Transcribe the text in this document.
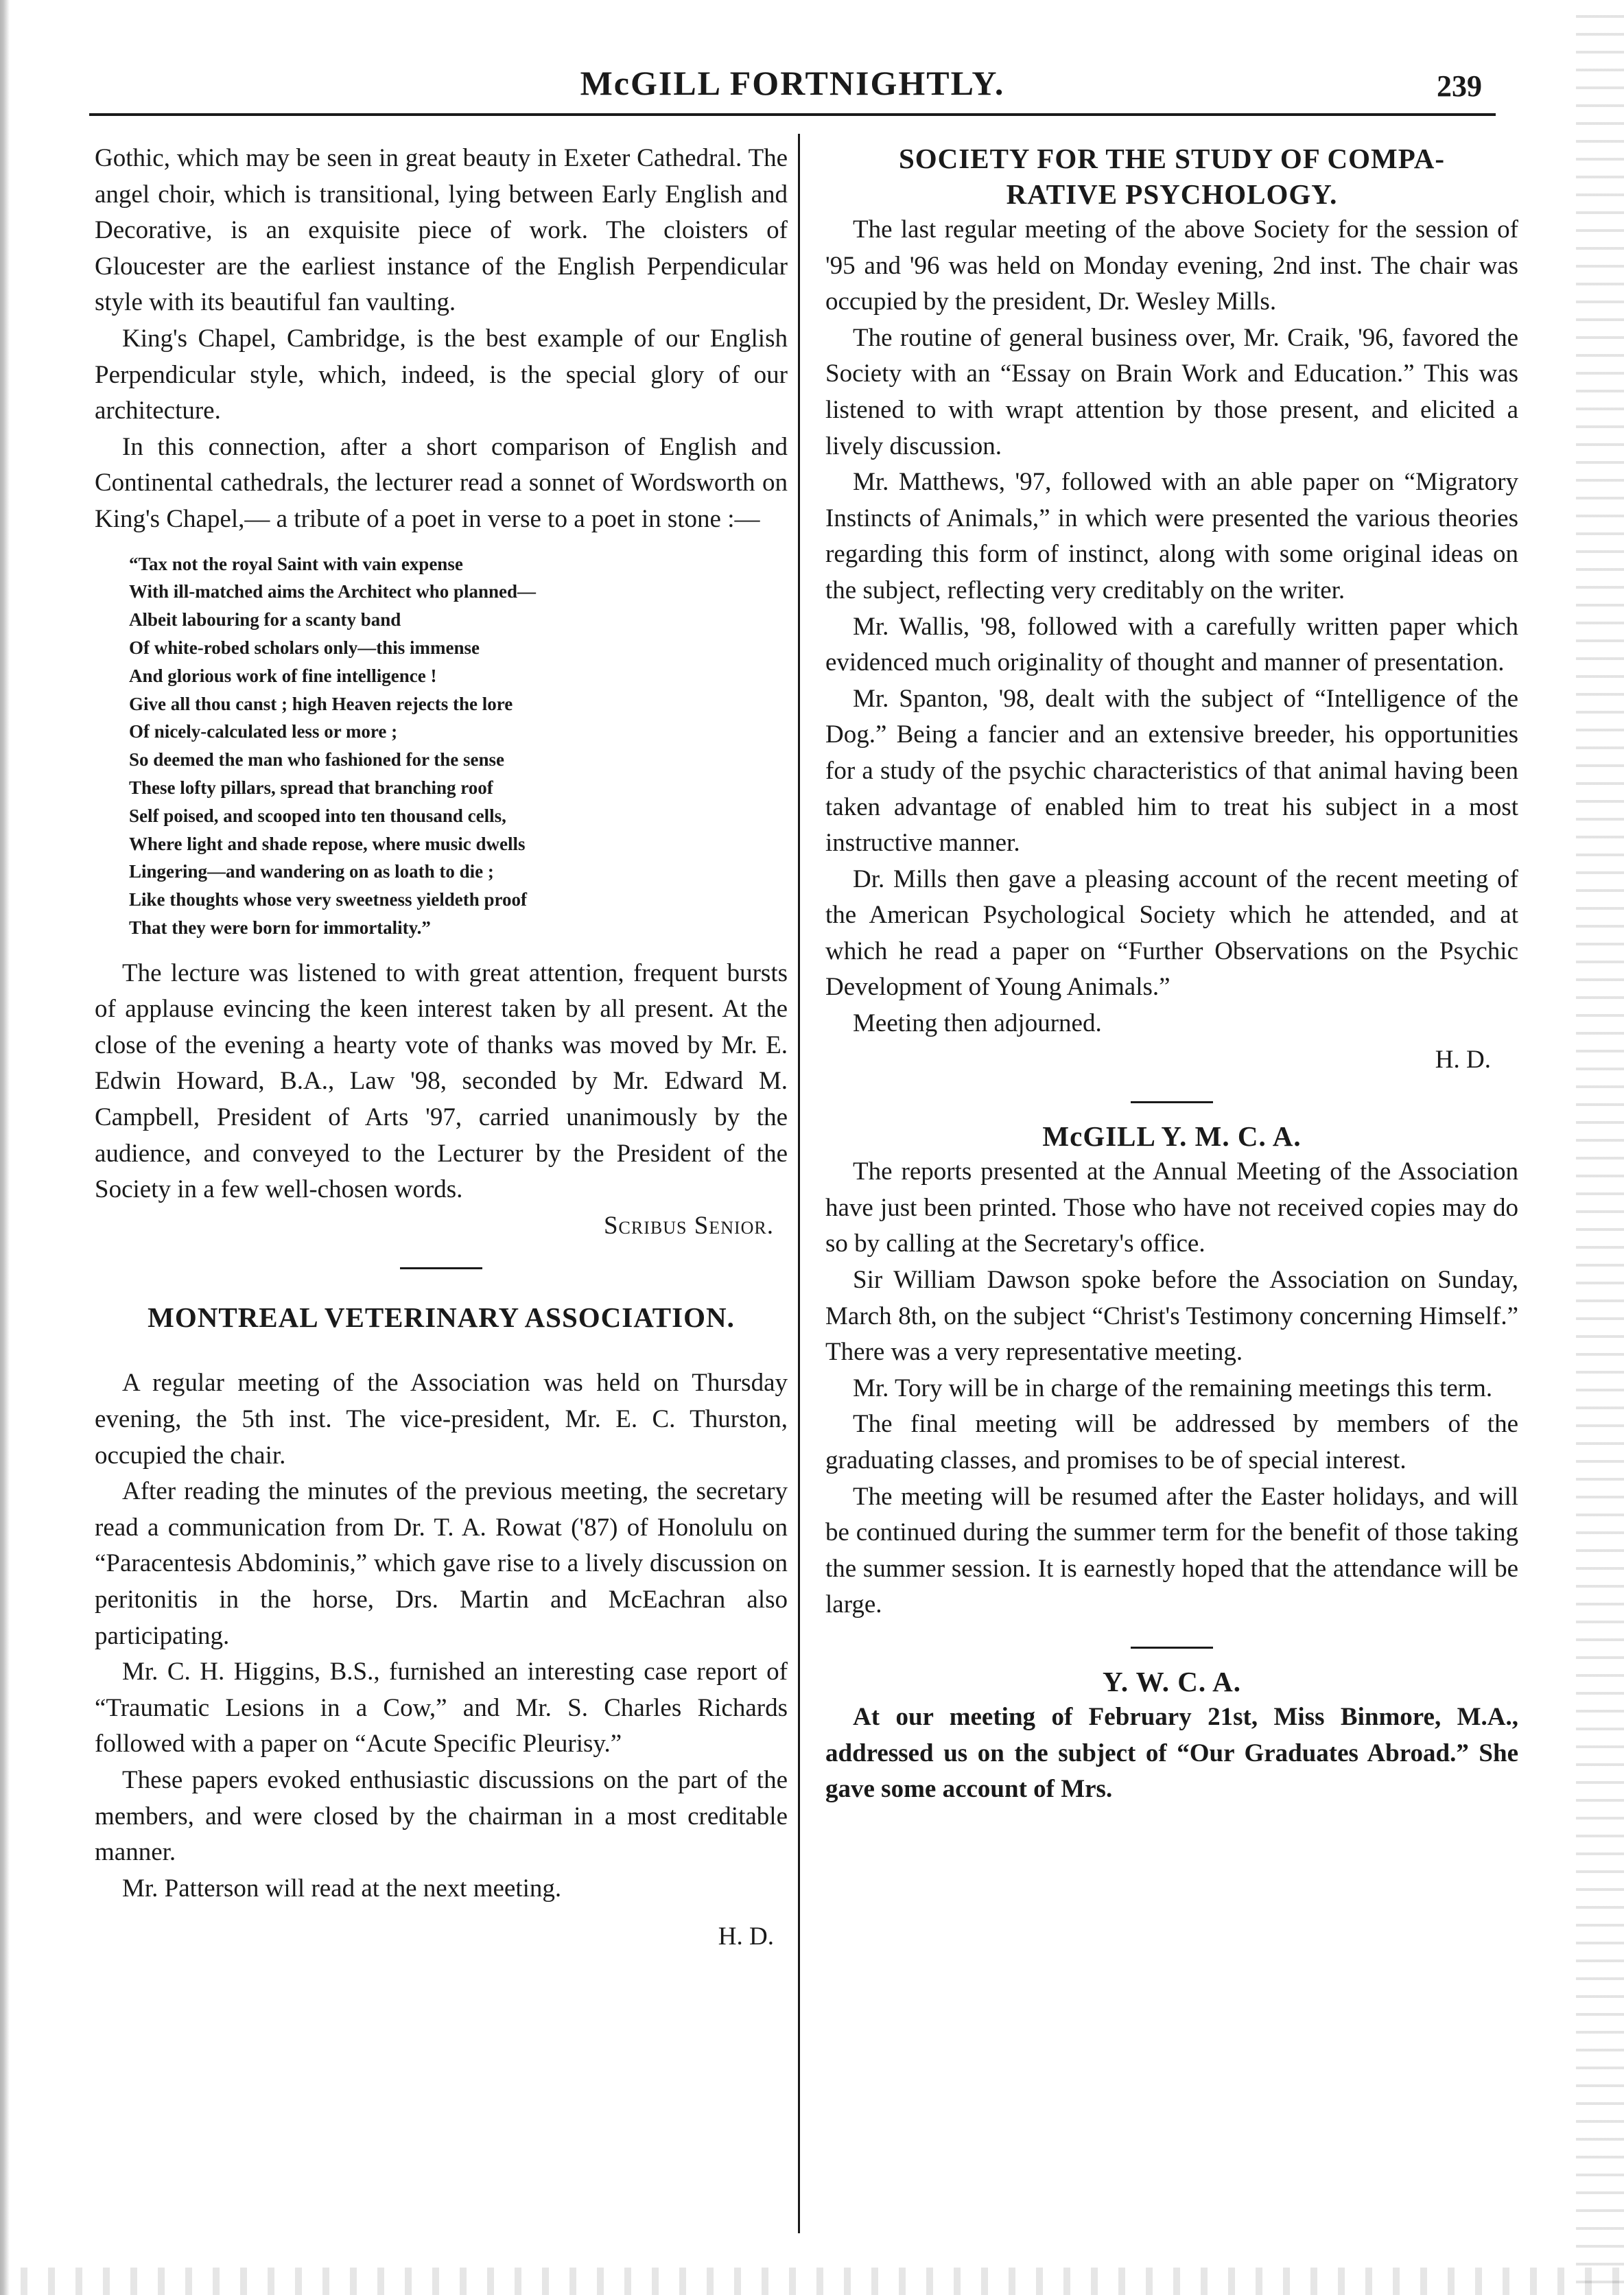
McGILL FORTNIGHTLY.	239

Gothic, which may be seen in great beauty in Exeter Cathedral. The angel choir, which is transitional, lying between Early English and Decorative, is an exquisite piece of work. The cloisters of Gloucester are the earliest instance of the English Perpendicular style with its beautiful fan vaulting.

King's Chapel, Cambridge, is the best example of our English Perpendicular style, which, indeed, is the special glory of our architecture.

In this connection, after a short comparison of English and Continental cathedrals, the lecturer read a sonnet of Wordsworth on King's Chapel,— a tribute of a poet in verse to a poet in stone :—

“Tax not the royal Saint with vain expense
With ill-matched aims the Architect who planned—
Albeit labouring for a scanty band
Of white-robed scholars only—this immense
And glorious work of fine intelligence !
Give all thou canst ; high Heaven rejects the lore
Of nicely-calculated less or more ;
So deemed the man who fashioned for the sense
These lofty pillars, spread that branching roof
Self poised, and scooped into ten thousand cells,
Where light and shade repose, where music dwells
Lingering—and wandering on as loath to die ;
Like thoughts whose very sweetness yieldeth proof
That they were born for immortality.”

The lecture was listened to with great attention, frequent bursts of applause evincing the keen interest taken by all present. At the close of the evening a hearty vote of thanks was moved by Mr. E. Edwin Howard, B.A., Law '98, seconded by Mr. Edward M. Campbell, President of Arts '97, carried unanimously by the audience, and conveyed to the Lecturer by the President of the Society in a few well-chosen words.

Scribus Senior.

MONTREAL VETERINARY ASSOCIATION.

A regular meeting of the Association was held on Thursday evening, the 5th inst. The vice-president, Mr. E. C. Thurston, occupied the chair.

After reading the minutes of the previous meeting, the secretary read a communication from Dr. T. A. Rowat ('87) of Honolulu on “Paracentesis Abdominis,” which gave rise to a lively discussion on peritonitis in the horse, Drs. Martin and McEachran also participating.

Mr. C. H. Higgins, B.S., furnished an interesting case report of “Traumatic Lesions in a Cow,” and Mr. S. Charles Richards followed with a paper on “Acute Specific Pleurisy.”

These papers evoked enthusiastic discussions on the part of the members, and were closed by the chairman in a most creditable manner.

Mr. Patterson will read at the next meeting.

H. D.

SOCIETY FOR THE STUDY OF COMPA-
RATIVE PSYCHOLOGY.

The last regular meeting of the above Society for the session of '95 and '96 was held on Monday evening, 2nd inst. The chair was occupied by the president, Dr. Wesley Mills.

The routine of general business over, Mr. Craik, '96, favored the Society with an “Essay on Brain Work and Education.” This was listened to with wrapt attention by those present, and elicited a lively discussion.

Mr. Matthews, '97, followed with an able paper on “Migratory Instincts of Animals,” in which were presented the various theories regarding this form of instinct, along with some original ideas on the subject, reflecting very creditably on the writer.

Mr. Wallis, '98, followed with a carefully written paper which evidenced much originality of thought and manner of presentation.

Mr. Spanton, '98, dealt with the subject of “Intelligence of the Dog.” Being a fancier and an extensive breeder, his opportunities for a study of the psychic characteristics of that animal having been taken advantage of enabled him to treat his subject in a most instructive manner.

Dr. Mills then gave a pleasing account of the recent meeting of the American Psychological Society which he attended, and at which he read a paper on “Further Observations on the Psychic Development of Young Animals.”

Meeting then adjourned.

H. D.

McGILL Y. M. C. A.

The reports presented at the Annual Meeting of the Association have just been printed. Those who have not received copies may do so by calling at the Secretary's office.

Sir William Dawson spoke before the Association on Sunday, March 8th, on the subject “Christ's Testimony concerning Himself.” There was a very representative meeting.

Mr. Tory will be in charge of the remaining meetings this term.

The final meeting will be addressed by members of the graduating classes, and promises to be of special interest.

The meeting will be resumed after the Easter holidays, and will be continued during the summer term for the benefit of those taking the summer session. It is earnestly hoped that the attendance will be large.

Y. W. C. A.

At our meeting of February 21st, Miss Binmore, M.A., addressed us on the subject of “Our Graduates Abroad.” She gave some account of Mrs.
